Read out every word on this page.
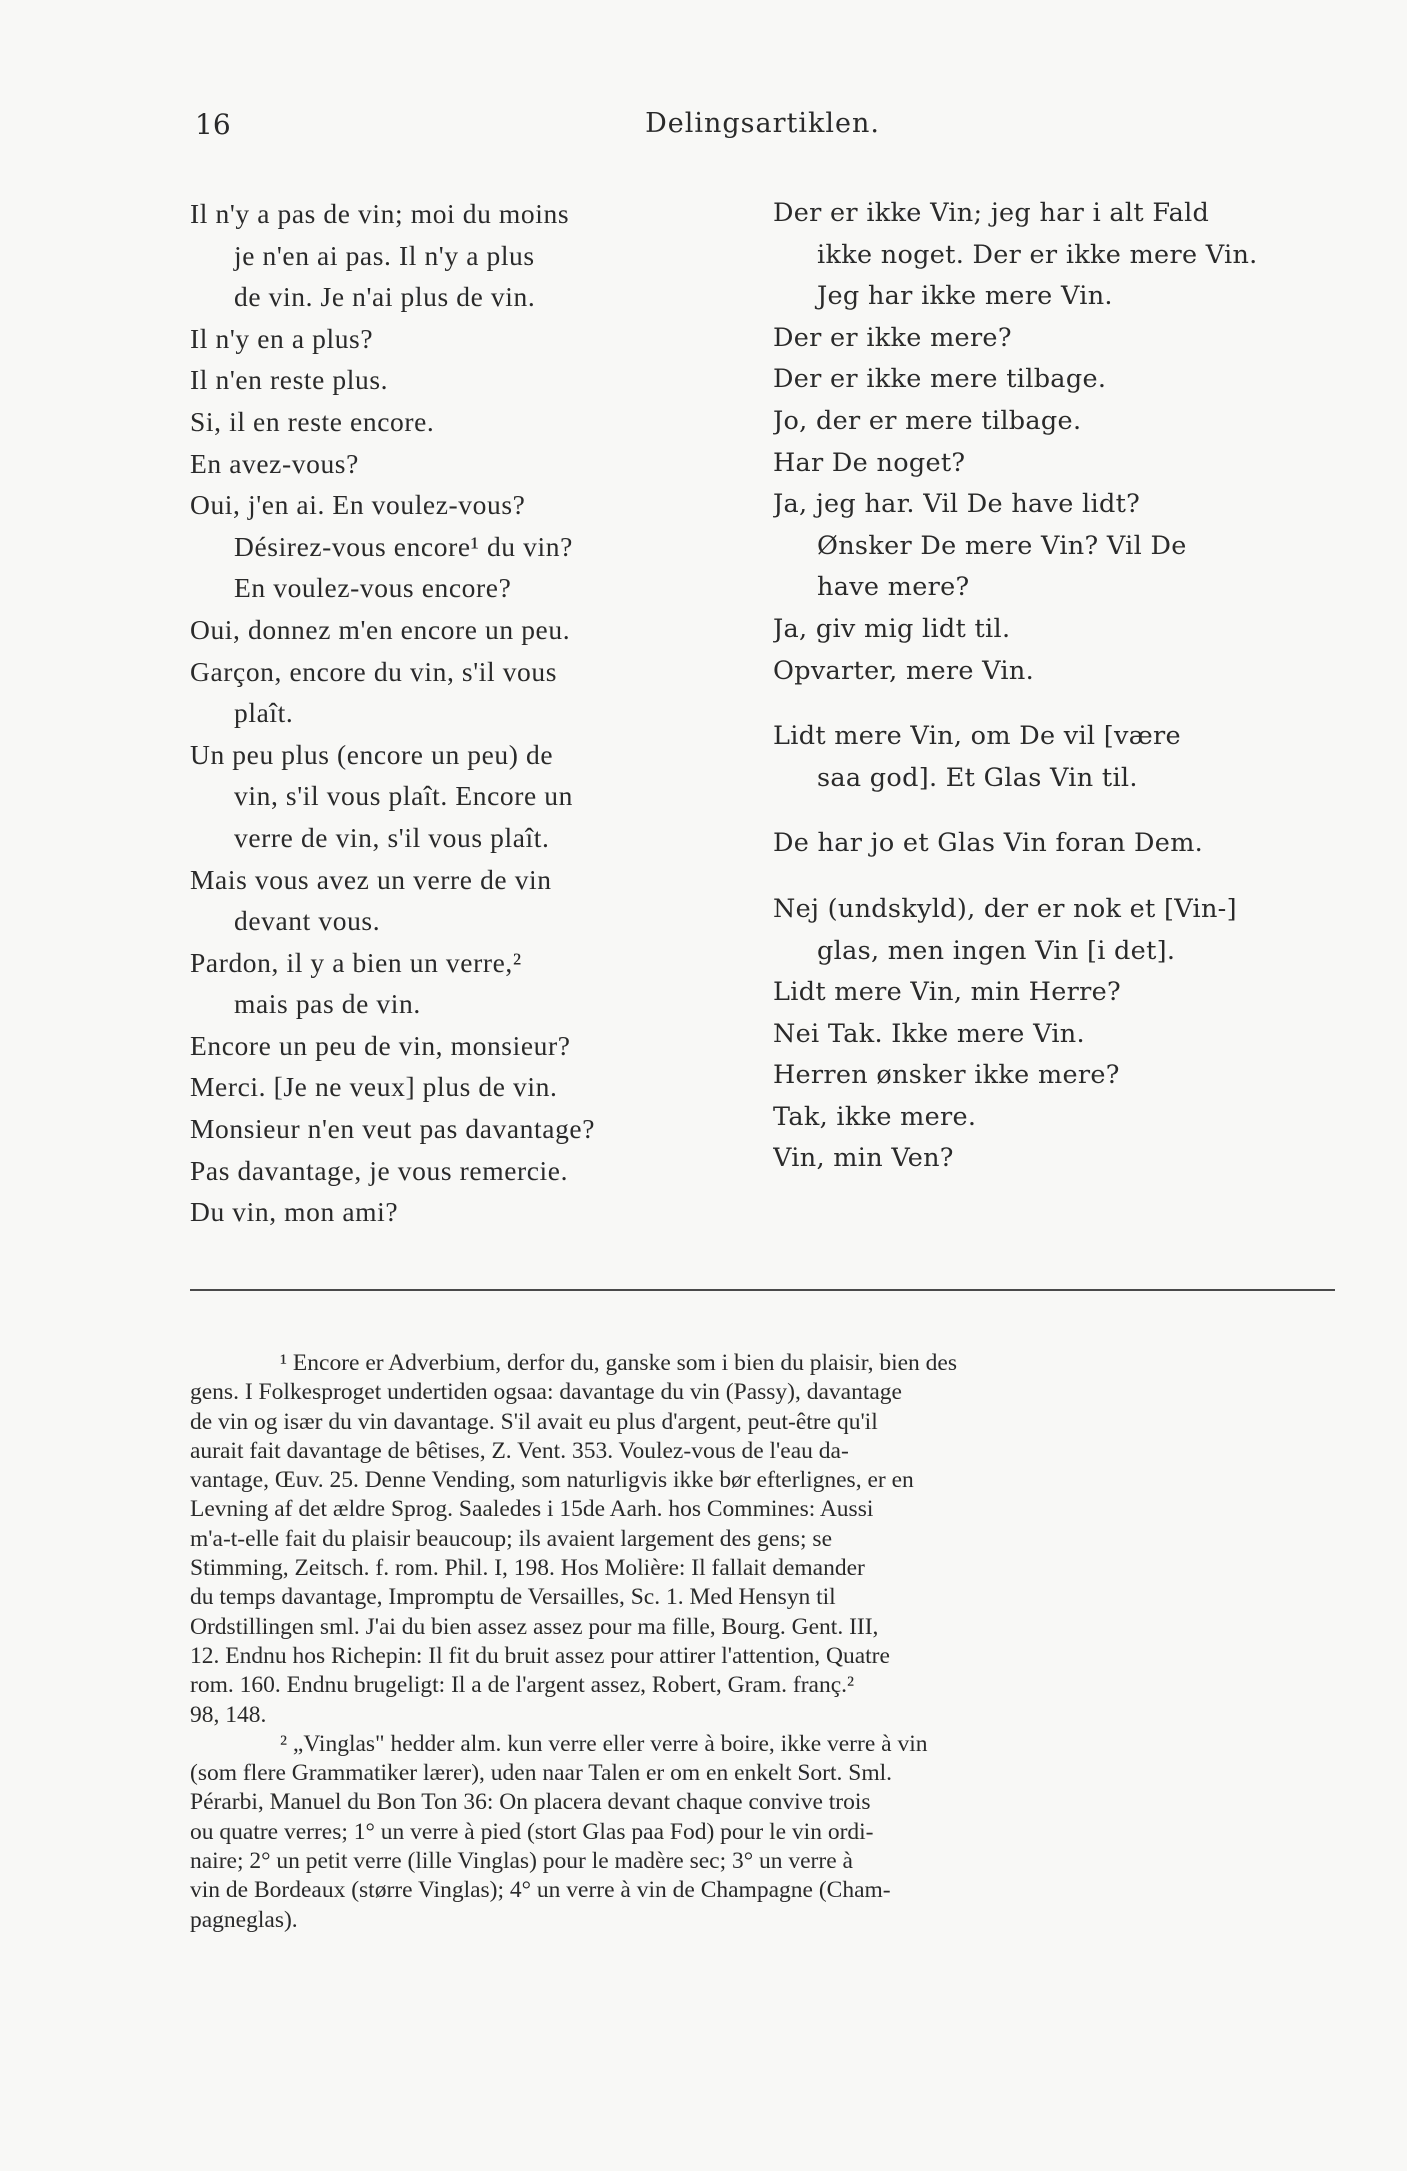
16	Delingsartiklen.
Il n'y a pas de vin; moi du moins
je n'en ai pas. Il n'y a plus
de vin. Je n'ai plus de vin.
Il n'y en a plus?
Il n'en reste plus.
Si, il en reste encore.
En avez-vous?
Oui, j'en ai. En voulez-vous?
Désirez-vous encore¹ du vin?
En voulez-vous encore?
Oui, donnez m'en encore un peu.
Garçon, encore du vin, s'il vous
plaît.
Un peu plus (encore un peu) de
vin, s'il vous plaît. Encore un
verre de vin, s'il vous plaît.
Mais vous avez un verre de vin
devant vous.
Pardon, il y a bien un verre,²
mais pas de vin.
Encore un peu de vin, monsieur?
Merci. [Je ne veux] plus de vin.
Monsieur n'en veut pas davantage?
Pas davantage, je vous remercie.
Du vin, mon ami?
Der er ikke Vin; jeg har i alt Fald
ikke noget. Der er ikke mere Vin.
Jeg har ikke mere Vin.
Der er ikke mere?
Der er ikke mere tilbage.
Jo, der er mere tilbage.
Har De noget?
Ja, jeg har. Vil De have lidt?
Ønsker De mere Vin? Vil De
have mere?
Ja, giv mig lidt til.
Opvarter, mere Vin.
Lidt mere Vin, om De vil [være
saa god]. Et Glas Vin til.
De har jo et Glas Vin foran Dem.
Nej (undskyld), der er nok et [Vin-]
glas, men ingen Vin [i det].
Lidt mere Vin, min Herre?
Nei Tak. Ikke mere Vin.
Herren ønsker ikke mere?
Tak, ikke mere.
Vin, min Ven?
¹ Encore er Adverbium, derfor du, ganske som i bien du plaisir, bien des
gens. I Folkesproget undertiden ogsaa: davantage du vin (Passy), davantage
de vin og især du vin davantage. S'il avait eu plus d'argent, peut-être qu'il
aurait fait davantage de bêtises, Z. Vent. 353. Voulez-vous de l'eau da-
vantage, Œuv. 25. Denne Vending, som naturligvis ikke bør efterlignes, er en
Levning af det ældre Sprog. Saaledes i 15de Aarh. hos Commines: Aussi
m'a-t-elle fait du plaisir beaucoup; ils avaient largement des gens; se
Stimming, Zeitsch. f. rom. Phil. I, 198. Hos Molière: Il fallait demander
du temps davantage, Impromptu de Versailles, Sc. 1. Med Hensyn til
Ordstillingen sml. J'ai du bien assez assez pour ma fille, Bourg. Gent. III,
12. Endnu hos Richepin: Il fit du bruit assez pour attirer l'attention, Quatre
rom. 160. Endnu brugeligt: Il a de l'argent assez, Robert, Gram. franç.²
98, 148.
² „Vinglas" hedder alm. kun verre eller verre à boire, ikke verre à vin
(som flere Grammatiker lærer), uden naar Talen er om en enkelt Sort. Sml.
Pérarbi, Manuel du Bon Ton 36: On placera devant chaque convive trois
ou quatre verres; 1° un verre à pied (stort Glas paa Fod) pour le vin ordi-
naire; 2° un petit verre (lille Vinglas) pour le madère sec; 3° un verre à
vin de Bordeaux (større Vinglas); 4° un verre à vin de Champagne (Cham-
pagneglas).
